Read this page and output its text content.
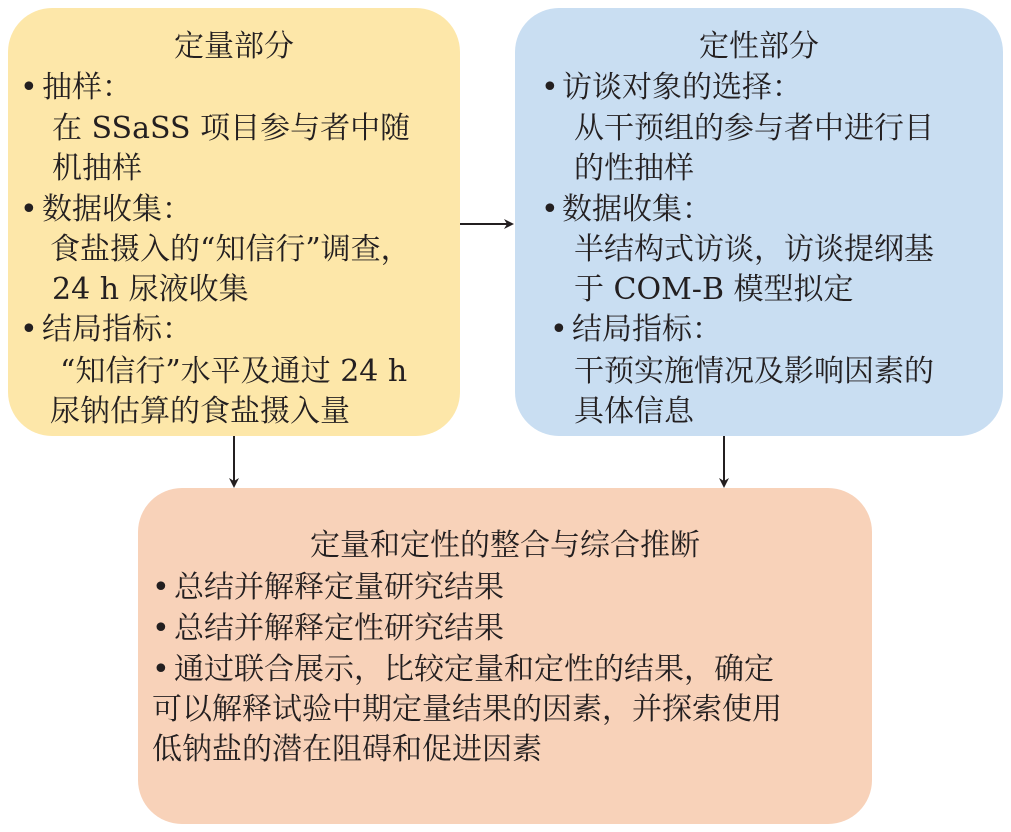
定量部分
• 抽样：
在 SSaSS 项目参与者中随
机抽样
• 数据收集：
食盐摄入的“知信行”调查，
24 h 尿液收集
• 结局指标：
“知信行”水平及通过 24 h
尿钠估算的食盐摄入量
定性部分
• 访谈对象的选择：
从干预组的参与者中进行目
的性抽样
• 数据收集：
半结构式访谈，访谈提纲基
于 COM-B 模型拟定
• 结局指标：
干预实施情况及影响因素的
具体信息
定量和定性的整合与综合推断
• 总结并解释定量研究结果
• 总结并解释定性研究结果
• 通过联合展示，比较定量和定性的结果，确定
可以解释试验中期定量结果的因素，并探索使用
低钠盐的潜在阻碍和促进因素
